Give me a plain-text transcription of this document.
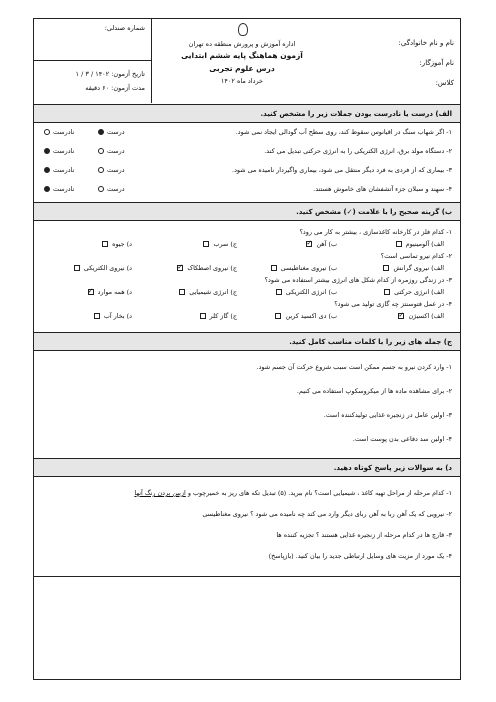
نام و نام خانوادگی:
نام آموزگار:
کلاس:
اداره آموزش و پرورش منطقه ده تهران
آزمون هماهنگ پایه ششم ابتدایی
درس علوم تجربی
خرداد ماه ۱۴۰۲
شماره صندلی:
تاریخ آزمون: ۱۴۰۲ / ۳ / ۱
مدت آزمون: ۶۰ دقیقه
الف) درست یا نادرست بودن جملات زیر را مشخص کنید.
۱- اگر شهاب سنگ در اقیانوس سقوط کند، روی سطح آب گودالی ایجاد نمی شود.
درست
نادرست
۲- دستگاه مولد برق، انرژی الکتریکی را به انرژی حرکتی تبدیل می کند.
درست
نادرست
۳- بیماری که از فردی به فرد دیگر منتقل می شود، بیماری واگیردار نامیده می شود.
درست
نادرست
۴- سهند و سبلان جزء آتشفشان های خاموش هستند.
درست
نادرست
ب) گزینه صحیح را با علامت (✓) مشخص کنید.
۱- کدام فلز در کارخانه کاغذسازی ، بیشتر به کار می رود؟
الف) آلومینیوم
ب) آهن ✓
ج) سرب
د) جیوه
۲- کدام نیرو تماسی است؟
الف) نیروی گرانش
ب) نیروی مغناطیسی
ج) نیروی اصطکاک ✓
د) نیروی الکتریکی
۳- در زندگی روزمره از کدام شکل های انرژی بیشتر استفاده می شود؟
الف) انرژی حرکتی
ب) انرژی الکتریکی
ج) انرژی شیمیایی
د) همه موارد ✓
۴- در عمل فتوسنتز چه گازی تولید می شود؟
الف) اکسیژن ✓
ب) دی اکسید کربن
ج) گاز کلر
د) بخار آب
ج) جمله های زیر را با کلمات مناسب کامل کنید.
۱- وارد کردن نیرو به جسم ممکن است سبب شروع حرکت آن جسم شود.
۲- برای مشاهده ماده ها از میکروسکوپ استفاده می کنیم.
۳- اولین عامل در زنجیره غذایی تولیدکننده است.
۴- اولین سد دفاعی بدن پوست است.
د) به سوالات زیر پاسخ کوتاه دهید.
۱- کدام مرحله از مراحل تهیه کاغذ ، شیمیایی است؟ نام ببرید. (۵) تبدیل تکه های ریز به خمیرچوب و ازبین بردن رنگ آنها
۲- نیرویی که یک آهن ربا به آهن ربای دیگر وارد می کند چه نامیده می شود ؟ نیروی مغناطیسی
۳- قارچ ها در کدام مرحله از زنجیره غذایی هستند ؟ تجزیه کننده ها
۴- یک مورد از مزیت های وسایل ارتباطی جدید را بیان کنید. (بازپاسخ)
